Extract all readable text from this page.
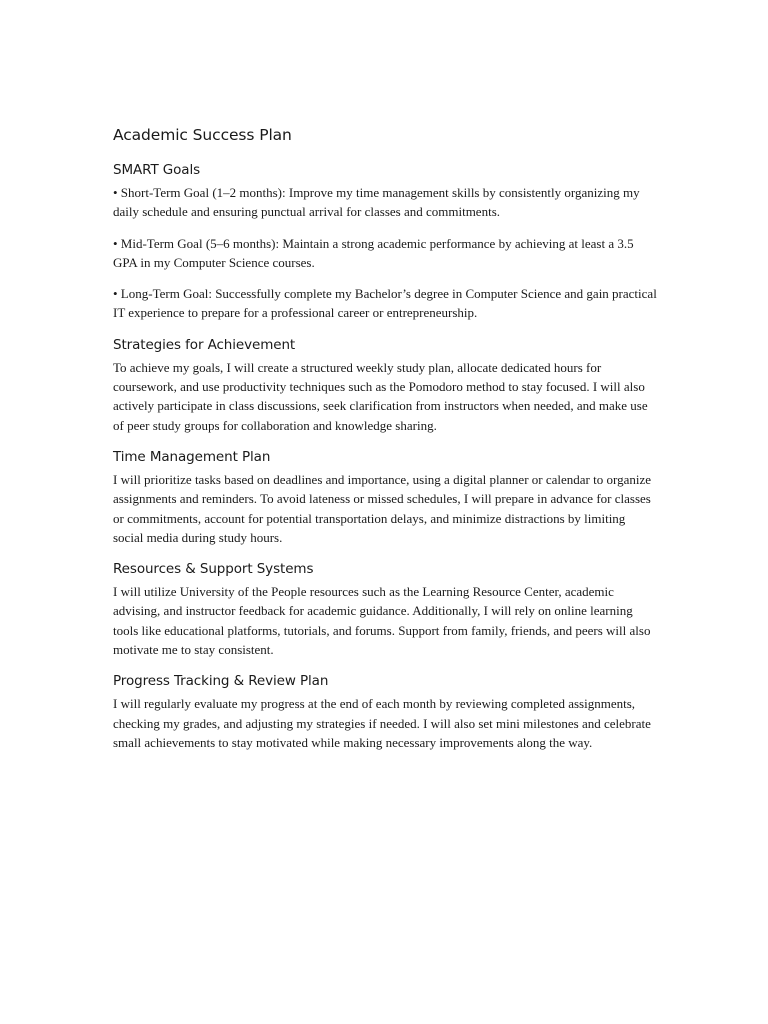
Academic Success Plan
SMART Goals

• Short-Term Goal (1–2 months): Improve my time management skills by consistently organizing my daily schedule and ensuring punctual arrival for classes and commitments.

• Mid-Term Goal (5–6 months): Maintain a strong academic performance by achieving at least a 3.5 GPA in my Computer Science courses.

• Long-Term Goal: Successfully complete my Bachelor’s degree in Computer Science and gain practical IT experience to prepare for a professional career or entrepreneurship.

Strategies for Achievement

To achieve my goals, I will create a structured weekly study plan, allocate dedicated hours for coursework, and use productivity techniques such as the Pomodoro method to stay focused. I will also actively participate in class discussions, seek clarification from instructors when needed, and make use of peer study groups for collaboration and knowledge sharing.

Time Management Plan

I will prioritize tasks based on deadlines and importance, using a digital planner or calendar to organize assignments and reminders. To avoid lateness or missed schedules, I will prepare in advance for classes or commitments, account for potential transportation delays, and minimize distractions by limiting social media during study hours.

Resources & Support Systems

I will utilize University of the People resources such as the Learning Resource Center, academic advising, and instructor feedback for academic guidance. Additionally, I will rely on online learning tools like educational platforms, tutorials, and forums. Support from family, friends, and peers will also motivate me to stay consistent.

Progress Tracking & Review Plan

I will regularly evaluate my progress at the end of each month by reviewing completed assignments, checking my grades, and adjusting my strategies if needed. I will also set mini milestones and celebrate small achievements to stay motivated while making necessary improvements along the way.
